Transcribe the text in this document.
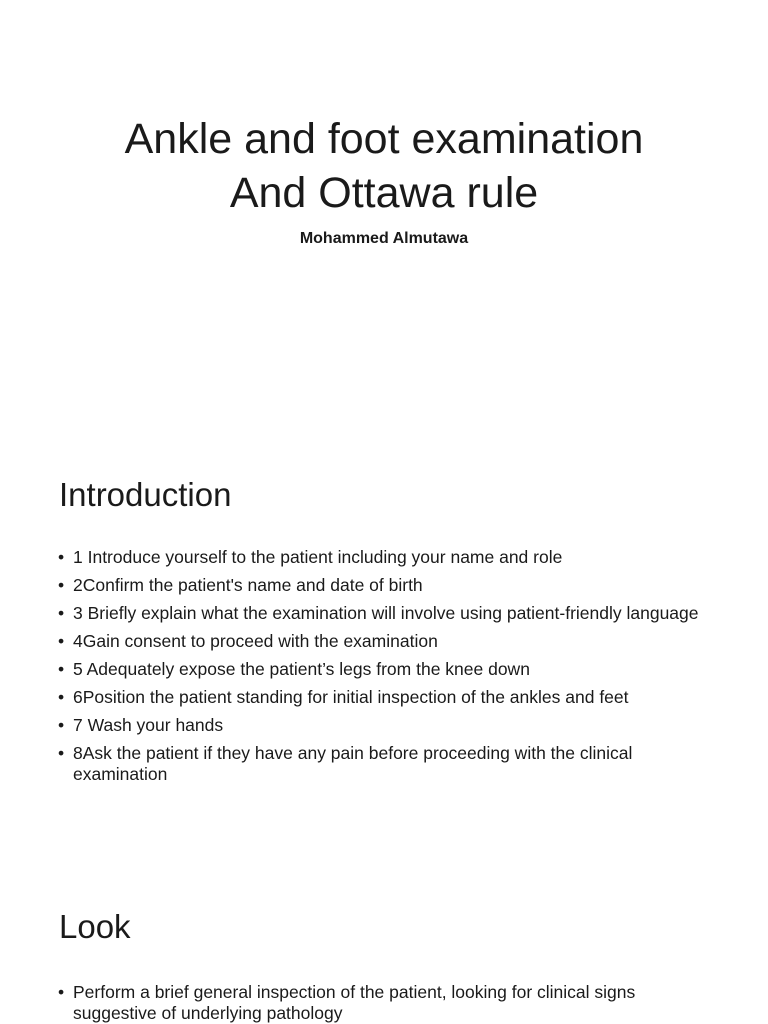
Ankle and foot examination
And Ottawa rule
Mohammed Almutawa
Introduction
• 1 Introduce yourself to the patient including your name and role
• 2Confirm the patient's name and date of birth
• 3 Briefly explain what the examination will involve using patient-friendly language
• 4Gain consent to proceed with the examination
• 5 Adequately expose the patient’s legs from the knee down
• 6Position the patient standing for initial inspection of the ankles and feet
• 7 Wash your hands
• 8Ask the patient if they have any pain before proceeding with the clinical examination
Look
• Perform a brief general inspection of the patient, looking for clinical signs suggestive of underlying pathology
